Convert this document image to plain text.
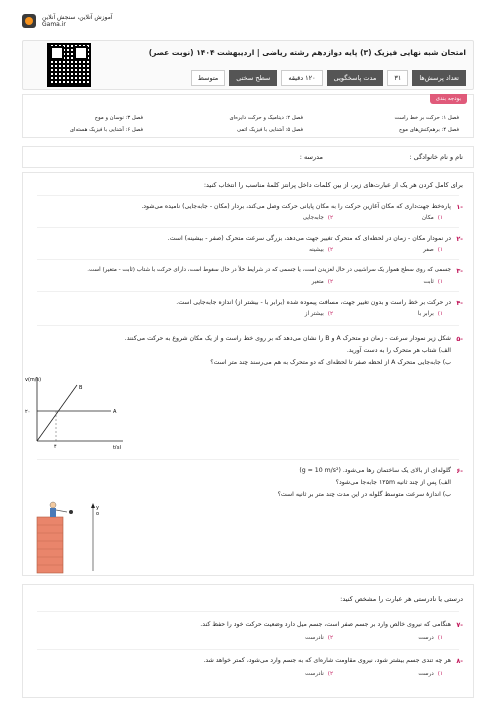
آموزش آنلاین، سنجش آنلاین
Gama.ir
امتحان شبه نهایی فیزیک (۳) پایه دوازدهم رشته ریاضی | اردیبهشت ۱۴۰۴ (نوبت عصر)
تعداد پرسش‌ها
۳۱
مدت پاسخگویی
۱۲۰ دقیقه
سطح سختی
متوسط
بودجه بندی
فصل ۱: حرکت بر خط راست
فصل ۲: دینامیک و حرکت دایره‌ای
فصل ۳: نوسان و موج
فصل ۴: برهم‌کنش‌های موج
فصل ۵: آشنایی با فیزیک اتمی
فصل ۶: آشنایی با فیزیک هسته‌ای
نام و نام خانوادگی :
مدرسه :
برای کامل کردن هر یک از عبارت‌های زیر، از بین کلمات داخل پرانتز کلمهٔ مناسب را انتخاب کنید:
۱-
پاره‌خط جهت‌داری که مکان آغازین حرکت را به مکان پایانی حرکت وصل می‌کند، بردار (مکان - جابه‌جایی) نامیده می‌شود.
۱)مکان
۲)جابه‌جایی
۲-
در نمودار مکان - زمان در لحظه‌ای که متحرک تغییر جهت می‌دهد، بزرگی سرعت متحرک (صفر - بیشینه) است.
۱)صفر
۲)بیشینه
۳-
جسمی که روی سطح هموار یک سراشیبی در حال لغزیدن است، یا جسمی که در شرایط خلأ در حال سقوط است، دارای حرکت با شتاب (ثابت - متغیر) است.
۱)ثابت
۲)متغیر
۴-
در حرکت بر خط راست و بدون تغییر جهت، مسافت پیموده شده (برابر با - بیشتر از) اندازه جابه‌جایی است.
۱)برابر با
۲)بیشتر از
۵-
شکل زیر نمودار سرعت - زمان دو متحرک A و B را نشان می‌دهد که بر روی خط راست و از یک مکان شروع به حرکت می‌کنند.
الف) شتاب هر متحرک را به دست آورید.
ب) جابه‌جایی متحرک A از لحظه صفر تا لحظه‌ای که دو متحرک به هم می‌رسند چند متر است؟
v(m/s)
۲۰
۴	t(s)
A
B
۶-
گلوله‌ای از بالای یک ساختمان رها می‌شود. (g = 10 m/s²)
الف) پس از چند ثانیه ۱۲۵m جابه‌جا می‌شود؟
ب) اندازهٔ سرعت متوسط گلوله در این مدت چند متر بر ثانیه است؟
y
o
درستی یا نادرستی هر عبارت را مشخص کنید:
۷-
هنگامی که نیروی خالص وارد بر جسم صفر است، جسم میل دارد وضعیت حرکت خود را حفظ کند.
۱)درست
۲)نادرست
۸-
هر چه تندی جسم بیشتر شود، نیروی مقاومت شاره‌ای که به جسم وارد می‌شود، کمتر خواهد شد.
۱)درست
۲)نادرست
